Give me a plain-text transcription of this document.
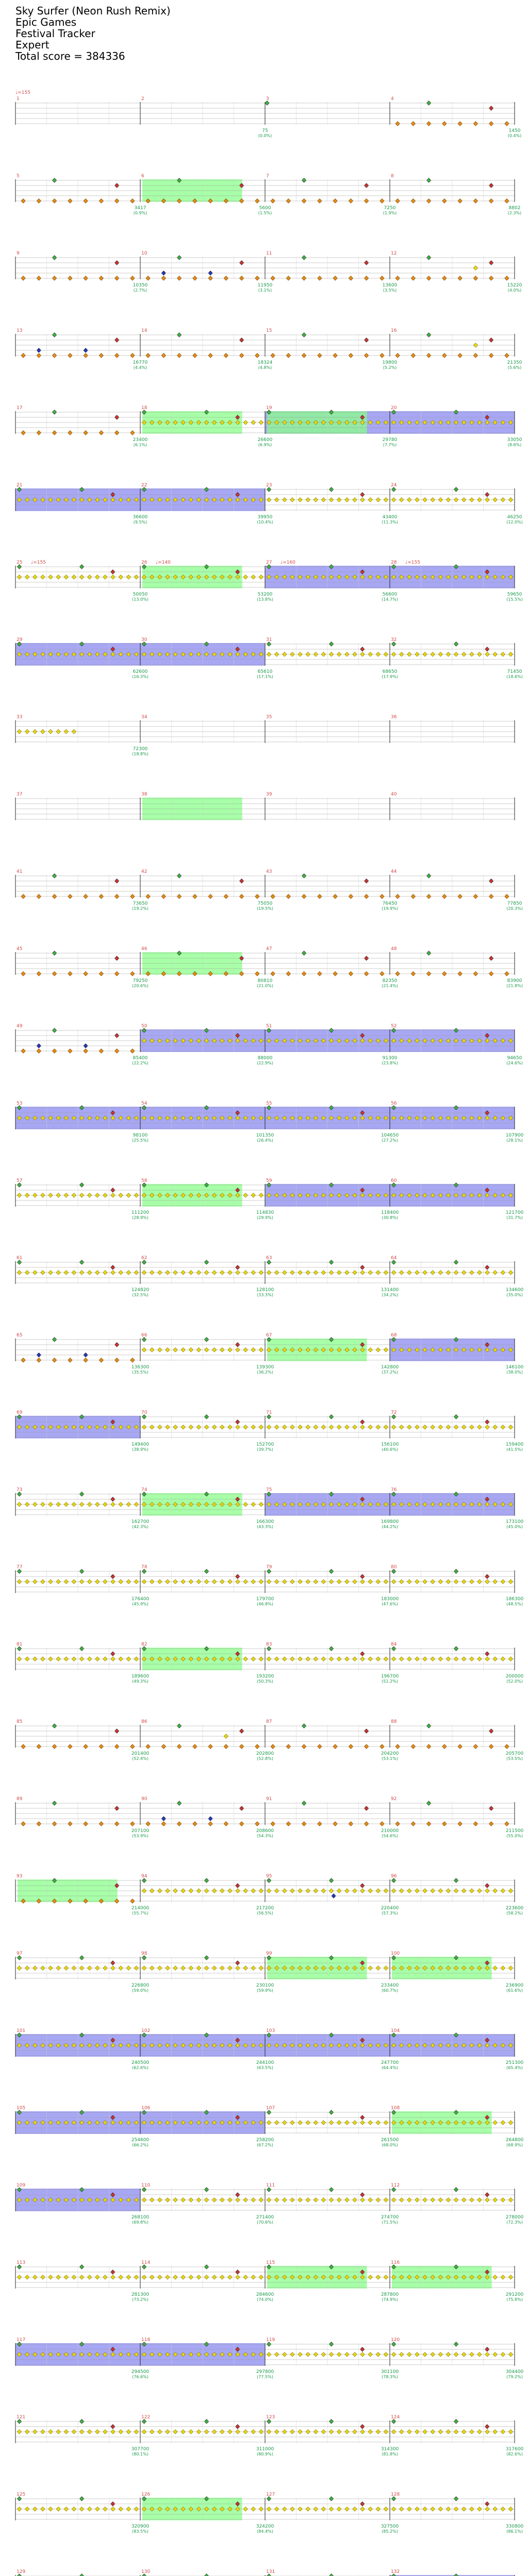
Sky Surfer (Neon Rush Remix)
Epic Games
Festival Tracker
Expert
Total score = 384336
♩=155
1	2
75
(0.0%)
3	4
1450
(0.4%)
5
3417
(0.9%)
6
5600
(1.5%)
7
7250
(1.9%)
8
8802
(2.3%)
9
10350
(2.7%)
10
11950
(3.1%)
11
13600
(3.5%)
12
15220
(4.0%)
13
16770
(4.4%)
14
18324
(4.8%)
15
19800
(5.2%)
16
21350
(5.6%)
17
23400
(6.1%)
18
26600
(6.9%)
19
29780
(7.7%)
20
33050
(8.6%)
21
36600
(9.5%)
22
39950
(10.4%)
23
43400
(11.3%)
24
46250
(12.0%)
25
50050
(13.0%)
26
53200
(13.8%)
27
56600
(14.7%)
28
59650
(15.5%)
♩=155	♩=140	♩=160	♩=155
29
62600
(16.3%)
30
65610
(17.1%)
31
68650
(17.9%)
32
71450
(18.6%)
33
72300
(18.8%)
34	35	36
37	38	39	40
41
73650
(19.2%)
42
75050
(19.5%)
43
76450
(19.9%)
44
77850
(20.3%)
45
79250
(20.6%)
46
80810
(21.0%)
47
82350
(21.4%)
48
83900
(21.8%)
49
85400
(22.2%)
50
88000
(22.9%)
51
91300
(23.8%)
52
94650
(24.6%)
53
98100
(25.5%)
54
101350
(26.4%)
55
104650
(27.2%)
56
107900
(28.1%)
57
111200
(28.9%)
58
114830
(29.9%)
59
118400
(30.8%)
60
121700
(31.7%)
61
124820
(32.5%)
62
128100
(33.3%)
63
131400
(34.2%)
64
134600
(35.0%)
65
136300
(35.5%)
66
139300
(36.2%)
67
142800
(37.2%)
68
146100
(38.0%)
69
149400
(38.9%)
70
152700
(39.7%)
71
156100
(40.6%)
72
159400
(41.5%)
73
162700
(42.3%)
74
166300
(43.3%)
75
169800
(44.2%)
76
173100
(45.0%)
77
176400
(45.9%)
78
179700
(46.8%)
79
183000
(47.6%)
80
186300
(48.5%)
81
189600
(49.3%)
82
193200
(50.3%)
83
196700
(51.2%)
84
200000
(52.0%)
85
201400
(52.4%)
86
202800
(52.8%)
87
204200
(53.1%)
88
205700
(53.5%)
89
207100
(53.9%)
90
208600
(54.3%)
91
210000
(54.6%)
92
211500
(55.0%)
93
214000
(55.7%)
94
217200
(56.5%)
95
220400
(57.3%)
96
223600
(58.2%)
97
226800
(59.0%)
98
230100
(59.9%)
99
233400
(60.7%)
100
236900
(61.6%)
101
240500
(62.6%)
102
244100
(63.5%)
103
247700
(64.4%)
104
251300
(65.4%)
105
254600
(66.2%)
106
258200
(67.2%)
107
261500
(68.0%)
108
264800
(68.9%)
109
268100
(69.8%)
110
271400
(70.6%)
111
274700
(71.5%)
112
278000
(72.3%)
113
281300
(73.2%)
114
284600
(74.0%)
115
287800
(74.9%)
116
291200
(75.8%)
117
294500
(76.6%)
118
297800
(77.5%)
119
301100
(78.3%)
120
304400
(79.2%)
121
307700
(80.1%)
122
311000
(80.9%)
123
314300
(81.8%)
124
317600
(82.6%)
125
320900
(83.5%)
126
324200
(84.4%)
127
327500
(85.2%)
128
330800
(86.1%)
129	130	131	132
